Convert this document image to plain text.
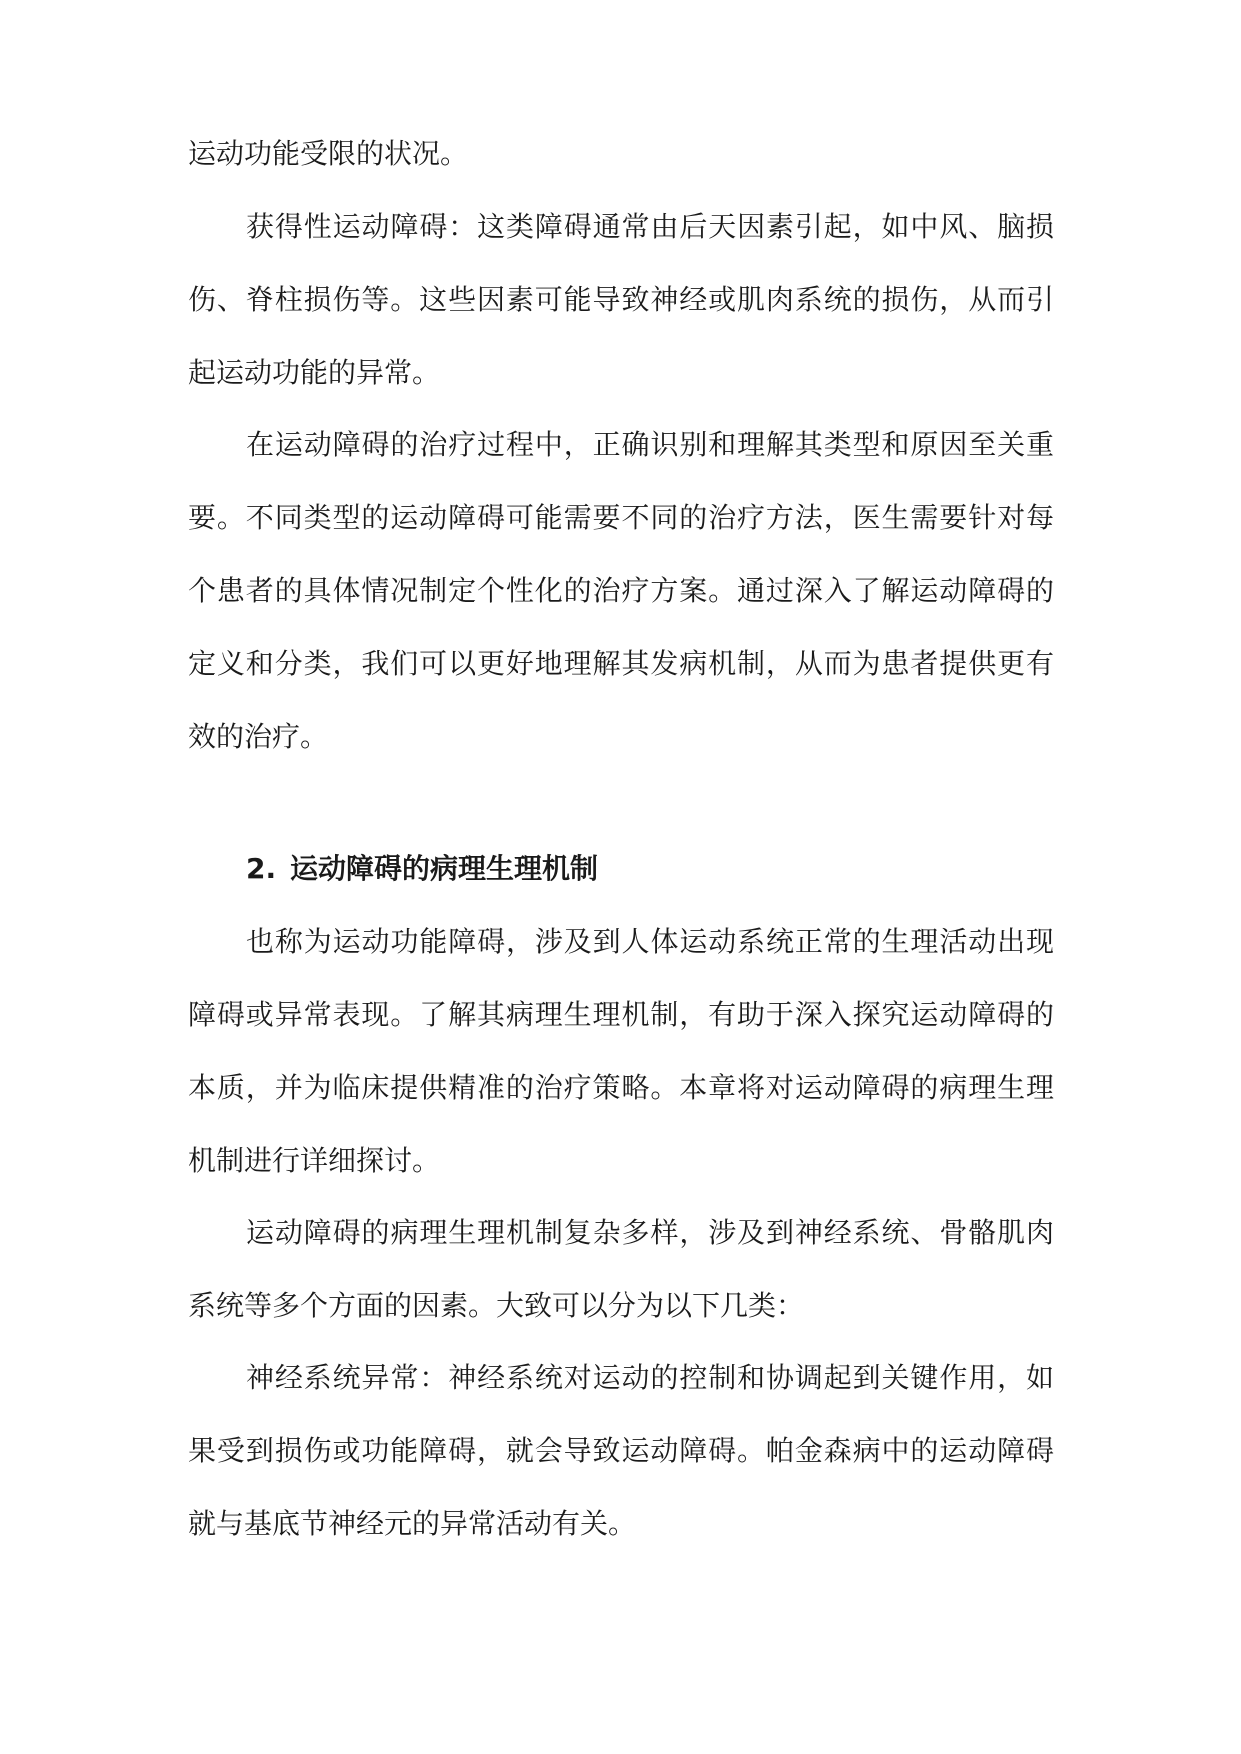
运动功能受限的状况。

获得性运动障碍：这类障碍通常由后天因素引起，如中风、脑损伤、脊柱损伤等。这些因素可能导致神经或肌肉系统的损伤，从而引起运动功能的异常。

在运动障碍的治疗过程中，正确识别和理解其类型和原因至关重要。不同类型的运动障碍可能需要不同的治疗方法，医生需要针对每个患者的具体情况制定个性化的治疗方案。通过深入了解运动障碍的定义和分类，我们可以更好地理解其发病机制，从而为患者提供更有效的治疗。

2. 运动障碍的病理生理机制

也称为运动功能障碍，涉及到人体运动系统正常的生理活动出现障碍或异常表现。了解其病理生理机制，有助于深入探究运动障碍的本质，并为临床提供精准的治疗策略。本章将对运动障碍的病理生理机制进行详细探讨。

运动障碍的病理生理机制复杂多样，涉及到神经系统、骨骼肌肉系统等多个方面的因素。大致可以分为以下几类：

神经系统异常：神经系统对运动的控制和协调起到关键作用，如果受到损伤或功能障碍，就会导致运动障碍。帕金森病中的运动障碍就与基底节神经元的异常活动有关。
